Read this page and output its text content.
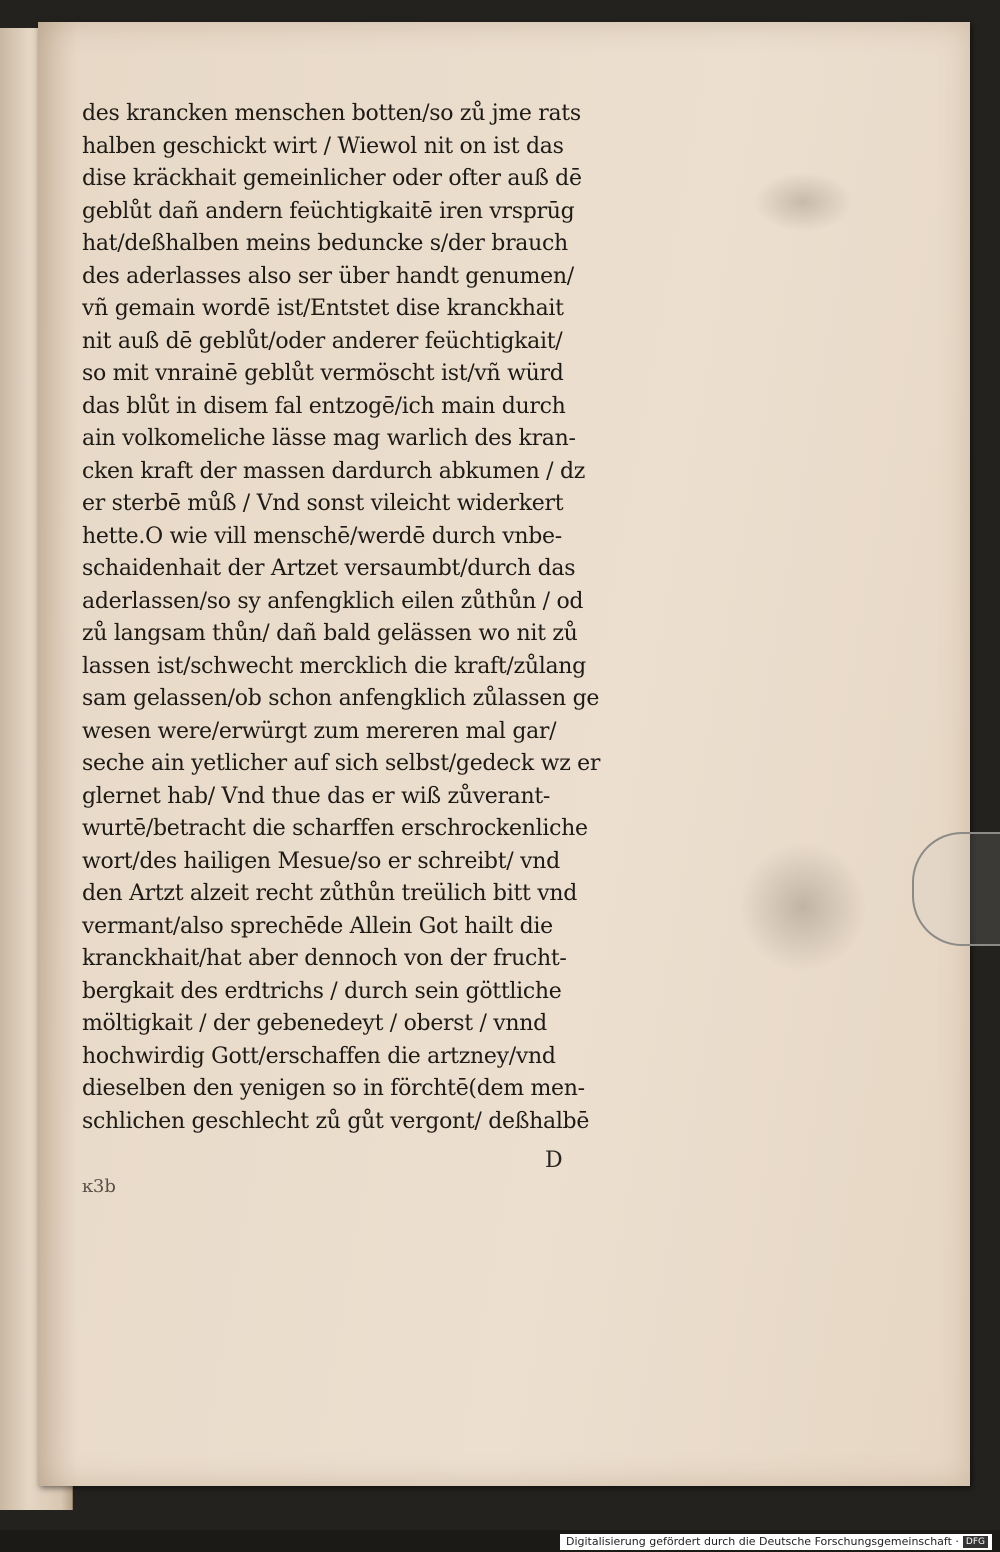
des krancken menschen botten/so zů jme rats
halben geschickt wirt / Wiewol nit on ist das
dise kräckhait gemeinlicher oder ofter auß dē
geblůt dañ andern feüchtigkaitē iren vrsprūg
hat/deßhalben meins beduncke s/der brauch
des aderlasses also ser über handt genumen/
vñ gemain wordē ist/Entstet dise kranckhait
nit auß dē geblůt/oder anderer feüchtigkait/
so mit vnrainē geblůt vermöscht ist/vñ würd
das blůt in disem fal entzogē/ich main durch
ain volkomeliche lässe mag warlich des kran-
cken kraft der massen dardurch abkumen / dz
er sterbē můß / Vnd sonst vileicht widerkert
hette.O wie vill menschē/werdē durch vnbe-
schaidenhait der Artzet versaumbt/durch das
aderlassen/so sy anfengklich eilen zůthůn / od
zů langsam thůn/ dañ bald gelässen wo nit zů
lassen ist/schwecht mercklich die kraft/zůlang
sam gelassen/ob schon anfengklich zůlassen ge
wesen were/erwürgt zum mereren mal gar/
seche ain yetlicher auf sich selbst/gedeck wz er
glernet hab/ Vnd thue das er wiß zůverant-
wurtē/betracht die scharffen erschrockenliche
wort/des hailigen Mesue/so er schreibt/ vnd
den Artzt alzeit recht zůthůn treülich bitt vnd
vermant/also sprechēde Allein Got hailt die
kranckhait/hat aber dennoch von der frucht-
bergkait des erdtrichs / durch sein göttliche
möltigkait / der gebenedeyt / oberst / vnnd
hochwirdig Gott/erschaffen die artzney/vnd
dieselben den yenigen so in förchtē(dem men-
schlichen geschlecht zů gůt vergont/ deßhalbē
D
ĸ3b
Digitalisierung gefördert durch die Deutsche Forschungsgemeinschaft · DFG
